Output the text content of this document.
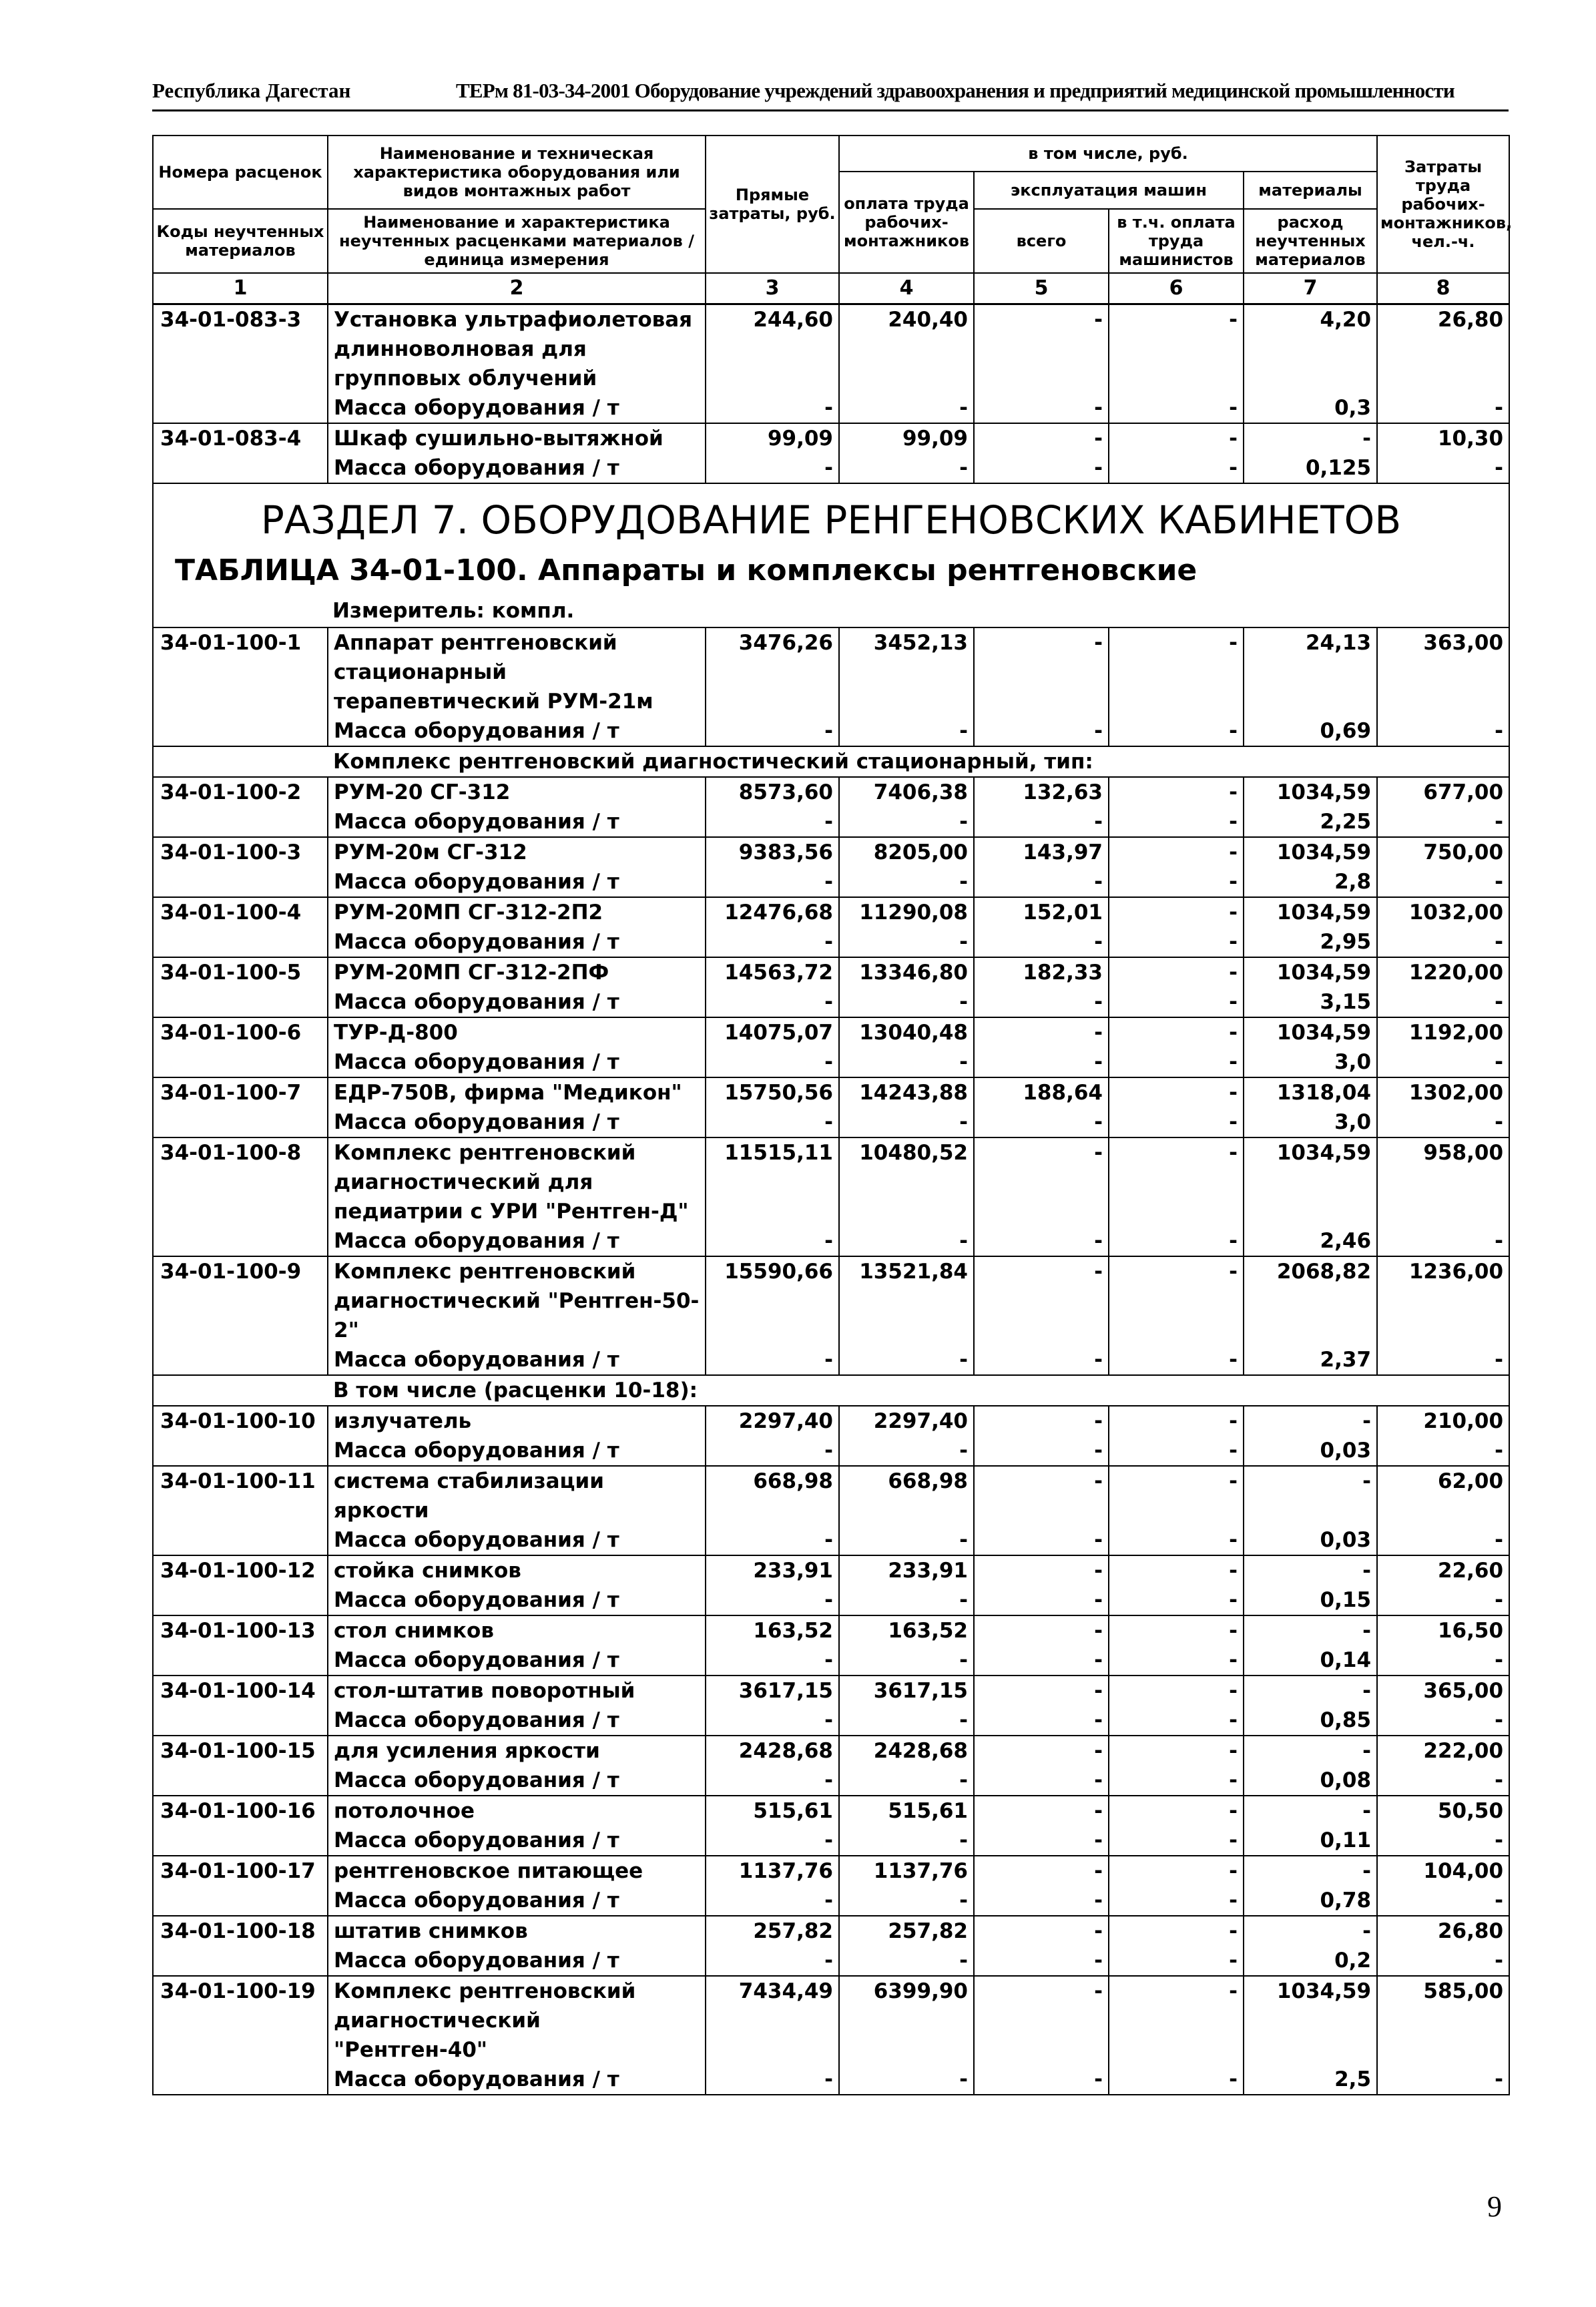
Республика Дагестан	ТЕРм 81-03-34-2001 Оборудование учреждений здравоохранения и предприятий медицинской промышленности
Номера расценок	Наименование и техническая характеристика оборудования или видов монтажных работ	Прямые затраты, руб.	в том числе, руб.				Затраты труда рабочих-монтажников, чел.-ч.
			оплата труда рабочих-монтажников	эксплуатация машин		материалы	
Коды неучтенных материалов	Наименование и характеристика неучтенных расценками материалов / единица измерения			всего	в т.ч. оплата труда машинистов	расход неучтенных материалов	

1	2	3	4	5	6	7	8
34-01-083-3	Установка ультрафиолетовая длинноволновая для групповых облучений	244,60	240,40	-	-	4,20	26,80
	Масса оборудования / т	-	-	-	-	0,3	-
34-01-083-4	Шкаф сушильно-вытяжной	99,09	99,09	-	-	-	10,30
	Масса оборудования / т	-	-	-	-	0,125	-

РАЗДЕЛ 7. ОБОРУДОВАНИЕ РЕНГЕНОВСКИХ КАБИНЕТОВ
ТАБЛИЦА 34-01-100. Аппараты и комплексы рентгеновские
Измеритель: компл.							

34-01-100-1	Аппарат рентгеновский стационарный терапевтический РУМ-21м	3476,26	3452,13	-	-	24,13	363,00
	Масса оборудования / т	-	-	-	-	0,69	-
	Комплекс рентгеновский диагностический стационарный, тип:						
34-01-100-2	РУМ-20 СГ-312	8573,60	7406,38	132,63	-	1034,59	677,00
	Масса оборудования / т	-	-	-	-	2,25	-
34-01-100-3	РУМ-20м СГ-312	9383,56	8205,00	143,97	-	1034,59	750,00
	Масса оборудования / т	-	-	-	-	2,8	-
34-01-100-4	РУМ-20МП СГ-312-2П2	12476,68	11290,08	152,01	-	1034,59	1032,00
	Масса оборудования / т	-	-	-	-	2,95	-
34-01-100-5	РУМ-20МП СГ-312-2ПФ	14563,72	13346,80	182,33	-	1034,59	1220,00
	Масса оборудования / т	-	-	-	-	3,15	-
34-01-100-6	ТУР-Д-800	14075,07	13040,48	-	-	1034,59	1192,00
	Масса оборудования / т	-	-	-	-	3,0	-
34-01-100-7	ЕДР-750В, фирма "Медикон"	15750,56	14243,88	188,64	-	1318,04	1302,00
	Масса оборудования / т	-	-	-	-	3,0	-
34-01-100-8	Комплекс рентгеновский диагностический для педиатрии с УРИ "Рентген-Д"	11515,11	10480,52	-	-	1034,59	958,00
	Масса оборудования / т	-	-	-	-	2,46	-
34-01-100-9	Комплекс рентгеновский диагностический "Рентген-50-2"	15590,66	13521,84	-	-	2068,82	1236,00
	Масса оборудования / т	-	-	-	-	2,37	-
	В том числе (расценки 10-18):						
34-01-100-10	излучатель	2297,40	2297,40	-	-	-	210,00
	Масса оборудования / т	-	-	-	-	0,03	-
34-01-100-11	система стабилизации яркости	668,98	668,98	-	-	-	62,00
	Масса оборудования / т	-	-	-	-	0,03	-
34-01-100-12	стойка снимков	233,91	233,91	-	-	-	22,60
	Масса оборудования / т	-	-	-	-	0,15	-
34-01-100-13	стол снимков	163,52	163,52	-	-	-	16,50
	Масса оборудования / т	-	-	-	-	0,14	-
34-01-100-14	стол-штатив поворотный	3617,15	3617,15	-	-	-	365,00
	Масса оборудования / т	-	-	-	-	0,85	-
34-01-100-15	для усиления яркости	2428,68	2428,68	-	-	-	222,00
	Масса оборудования / т	-	-	-	-	0,08	-
34-01-100-16	потолочное	515,61	515,61	-	-	-	50,50
	Масса оборудования / т	-	-	-	-	0,11	-
34-01-100-17	рентгеновское питающее	1137,76	1137,76	-	-	-	104,00
	Масса оборудования / т	-	-	-	-	0,78	-
34-01-100-18	штатив снимков	257,82	257,82	-	-	-	26,80
	Масса оборудования / т	-	-	-	-	0,2	-
34-01-100-19	Комплекс рентгеновский диагностический "Рентген-40"	7434,49	6399,90	-	-	1034,59	585,00
	Масса оборудования / т	-	-	-	-	2,5	-
9
